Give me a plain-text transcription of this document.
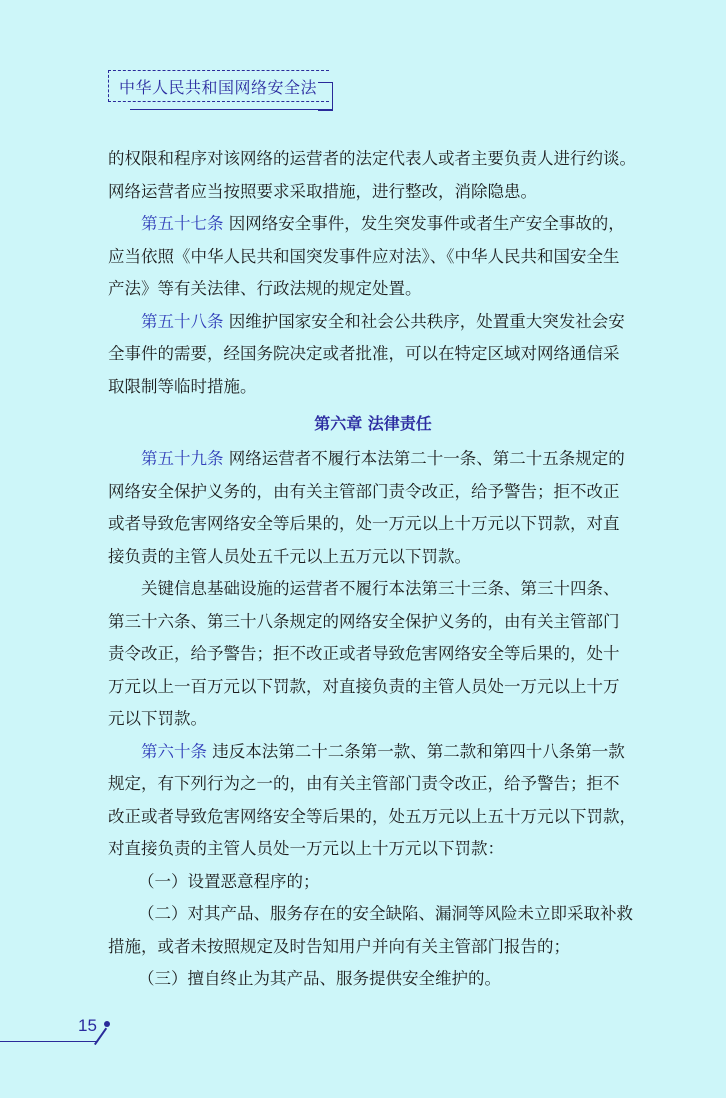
中华人民共和国网络安全法
的权限和程序对该网络的运营者的法定代表人或者主要负责人进行约谈。
网络运营者应当按照要求采取措施，进行整改，消除隐患。
第五十七条 因网络安全事件，发生突发事件或者生产安全事故的，
应当依照《中华人民共和国突发事件应对法》、《中华人民共和国安全生
产法》等有关法律、行政法规的规定处置。
第五十八条 因维护国家安全和社会公共秩序，处置重大突发社会安
全事件的需要，经国务院决定或者批准，可以在特定区域对网络通信采
取限制等临时措施。
第六章 法律责任
第五十九条 网络运营者不履行本法第二十一条、第二十五条规定的
网络安全保护义务的，由有关主管部门责令改正，给予警告；拒不改正
或者导致危害网络安全等后果的，处一万元以上十万元以下罚款，对直
接负责的主管人员处五千元以上五万元以下罚款。
关键信息基础设施的运营者不履行本法第三十三条、第三十四条、
第三十六条、第三十八条规定的网络安全保护义务的，由有关主管部门
责令改正，给予警告；拒不改正或者导致危害网络安全等后果的，处十
万元以上一百万元以下罚款，对直接负责的主管人员处一万元以上十万
元以下罚款。
第六十条 违反本法第二十二条第一款、第二款和第四十八条第一款
规定，有下列行为之一的，由有关主管部门责令改正，给予警告；拒不
改正或者导致危害网络安全等后果的，处五万元以上五十万元以下罚款，
对直接负责的主管人员处一万元以上十万元以下罚款：
（一）设置恶意程序的；
（二）对其产品、服务存在的安全缺陷、漏洞等风险未立即采取补救
措施，或者未按照规定及时告知用户并向有关主管部门报告的；
（三）擅自终止为其产品、服务提供安全维护的。
15
